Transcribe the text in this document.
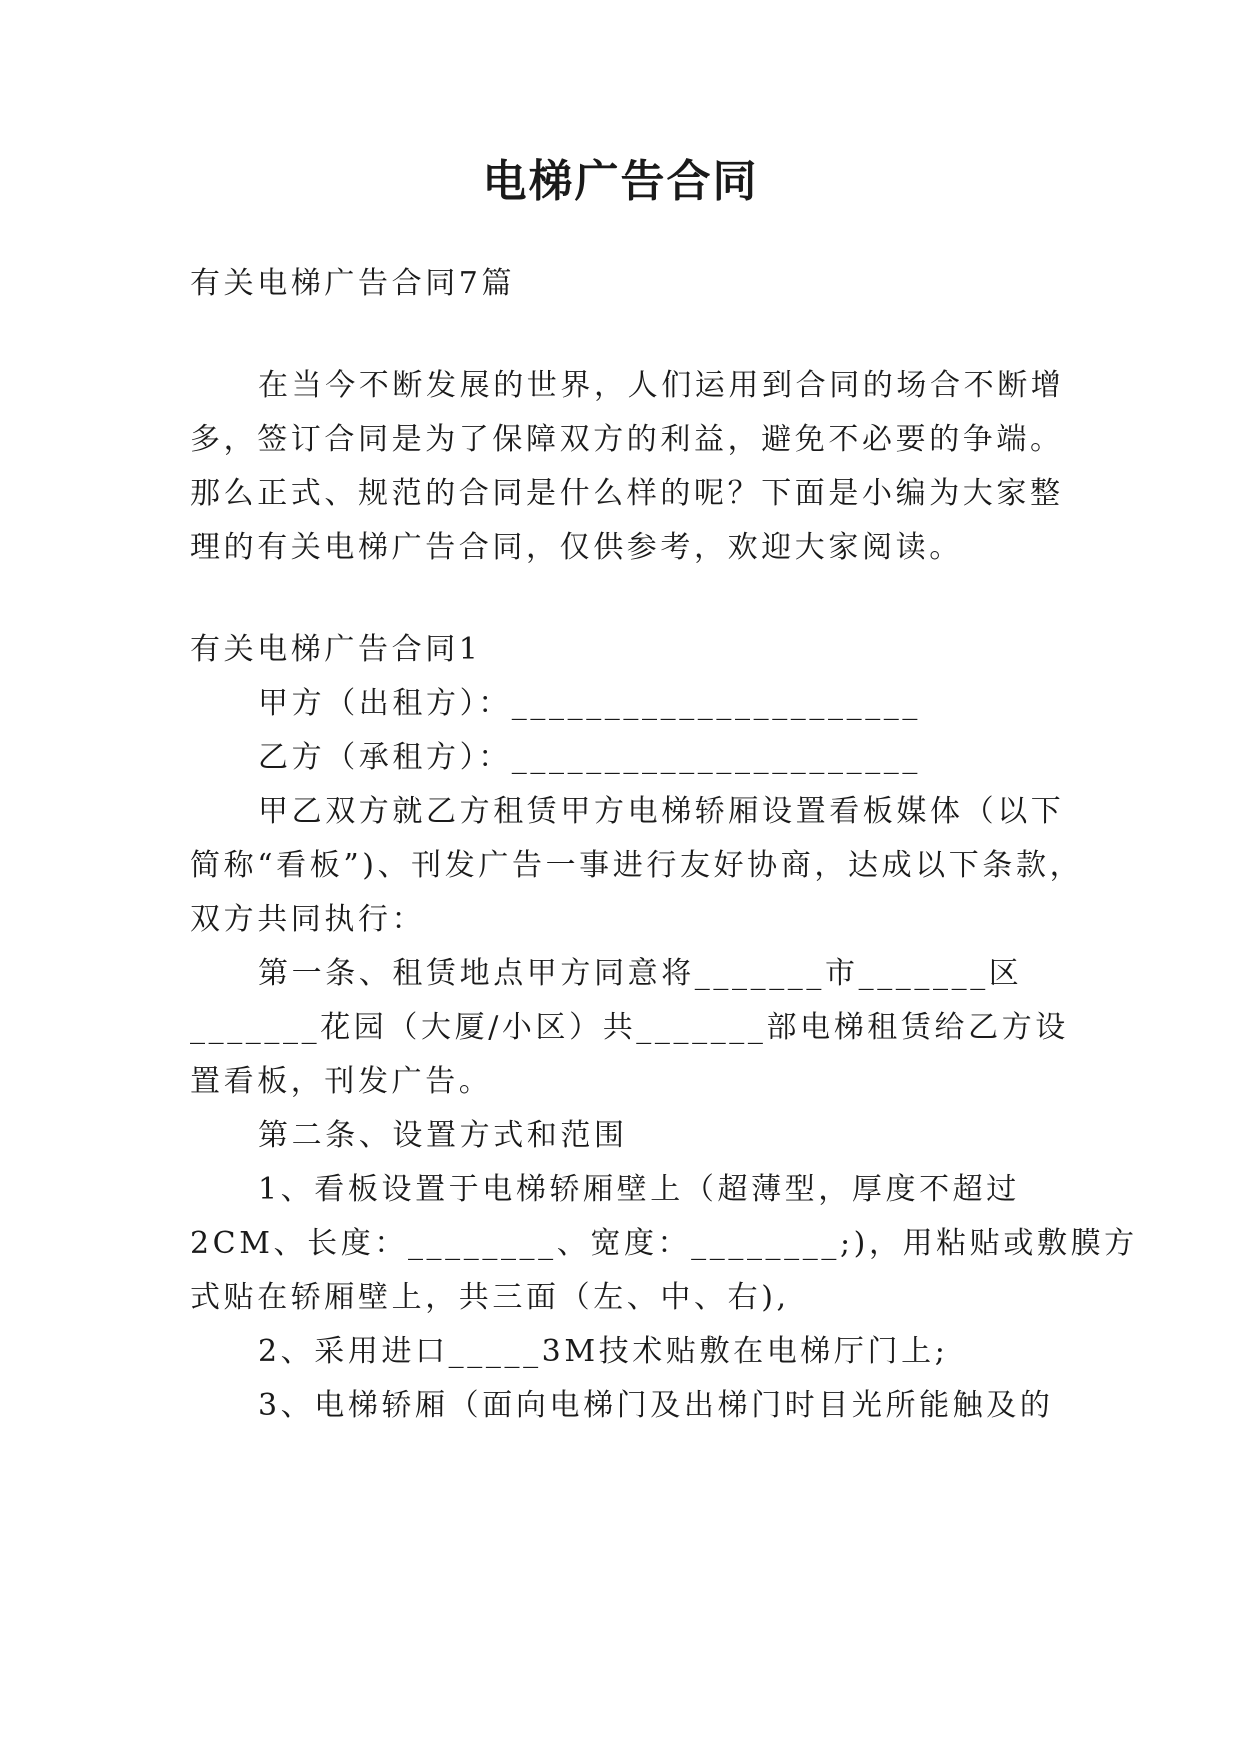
电梯广告合同
有关电梯广告合同7篇
在当今不断发展的世界，人们运用到合同的场合不断增
多，签订合同是为了保障双方的利益，避免不必要的争端。
那么正式、规范的合同是什么样的呢？下面是小编为大家整
理的有关电梯广告合同，仅供参考，欢迎大家阅读。
有关电梯广告合同1
甲方（出租方）：______________________
乙方（承租方）：______________________
甲乙双方就乙方租赁甲方电梯轿厢设置看板媒体（以下
简称“看板”)、刊发广告一事进行友好协商，达成以下条款，
双方共同执行：
第一条、租赁地点甲方同意将_______市_______区
_______花园（大厦/小区）共_______部电梯租赁给乙方设
置看板，刊发广告。
第二条、设置方式和范围
1、看板设置于电梯轿厢壁上（超薄型，厚度不超过
2CM、长度：________、宽度：________;)，用粘贴或敷膜方
式贴在轿厢壁上，共三面（左、中、右),
2、采用进口_____3M技术贴敷在电梯厅门上;
3、电梯轿厢（面向电梯门及出梯门时目光所能触及的
